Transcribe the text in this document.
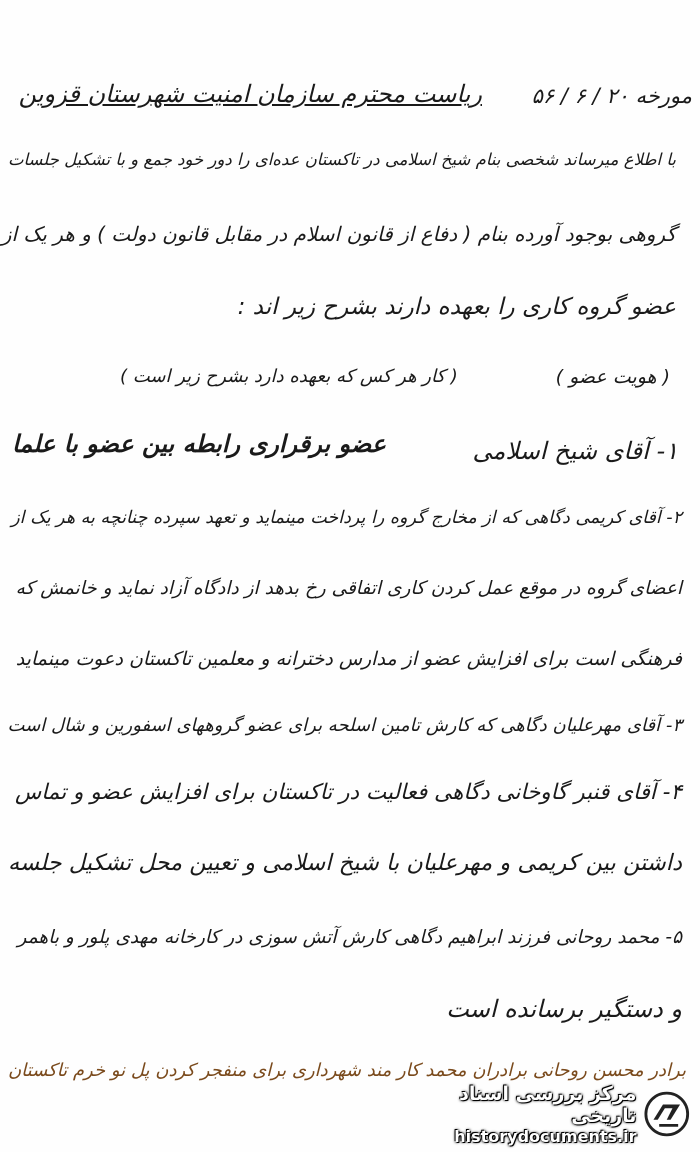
مورخه ۲۰ / ۶ / ۵۶
ریاست محترم سازمان امنیت شهرستان قزوین
با اطلاع میرساند شخصی بنام شیخ اسلامی در تاکستان عده‌ای را دور خود جمع و با تشکیل جلسات
گروهی بوجود آورده بنام ( دفاع از قانون اسلام در مقابل قانون دولت ) و هر یک از
عضو گروه کاری را بعهده دارند بشرح زیر اند :
( هویت عضو )
( کار هر کس که بعهده دارد بشرح زیر است )
۱- آقای شیخ اسلامی
عضو برقراری رابطه بین عضو با علما
۲- آقای کریمی دگاهی که از مخارج گروه را پرداخت مینماید و تعهد سپرده چنانچه به هر یک از
اعضای گروه در موقع عمل کردن کاری اتفاقی رخ بدهد از دادگاه آزاد نماید و خانمش که
فرهنگی است برای افزایش عضو از مدارس دخترانه و معلمین تاکستان دعوت مینماید
۳- آقای مهرعلیان دگاهی که کارش تامین اسلحه برای عضو گروههای اسفورین و شال است
۴- آقای قنبر گاوخانی دگاهی فعالیت در تاکستان برای افزایش عضو و تماس
داشتن بین کریمی و مهرعلیان با شیخ اسلامی و تعیین محل تشکیل جلسه
۵- محمد روحانی فرزند ابراهیم دگاهی کارش آتش سوزی در کارخانه مهدی پلور و باهمر
و دستگیر برسانده است
برادر محسن روحانی برادران محمد کار مند شهرداری برای منفجر کردن پل نو خرم تاکستان
مرکز بررسی اسناد تاریخی
historydocuments.ir
